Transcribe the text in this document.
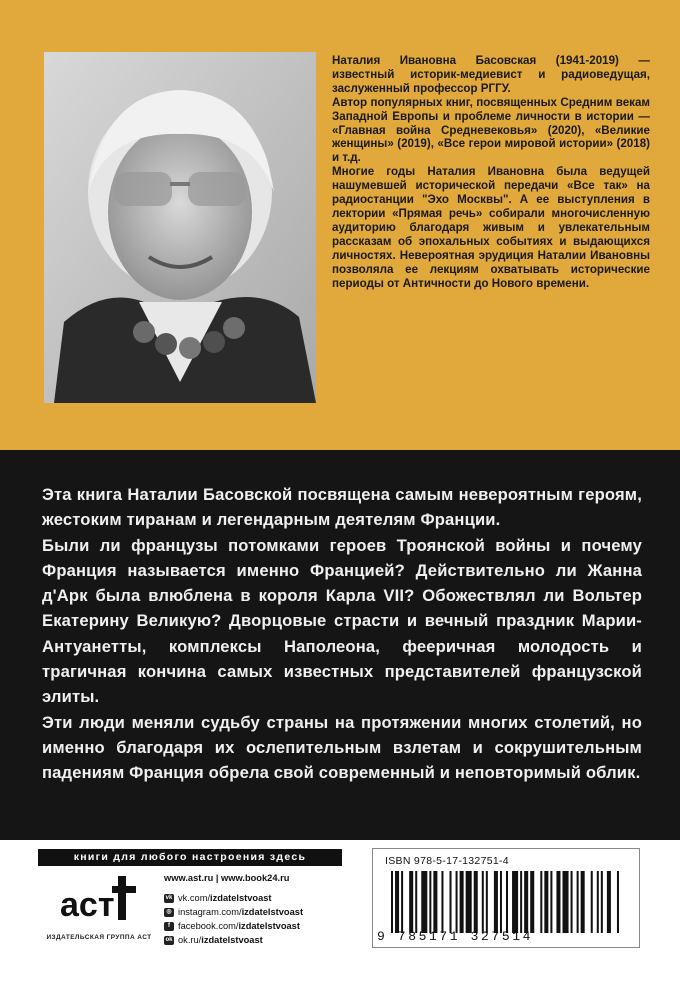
Наталия Ивановна Басовская (1941-2019) — известный историк-медиевист и радиоведущая, заслуженный профессор РГГУ.

Автор популярных книг, посвященных Средним векам Западной Европы и проблеме личности в истории — «Главная война Средневековья» (2020), «Великие женщины» (2019), «Все герои мировой истории» (2018) и т.д.

Многие годы Наталия Ивановна была ведущей нашумевшей исторической передачи «Все так» на радиостанции "Эхо Москвы". А ее выступления в лектории «Прямая речь» собирали многочисленную аудиторию благодаря живым и увлекательным рассказам об эпохальных событиях и выдающихся личностях. Невероятная эрудиция Наталии Ивановны позволяла ее лекциям охватывать исторические периоды от Античности до Нового времени.

Эта книга Наталии Басовской посвящена самым невероятным героям, жестоким тиранам и легендарным деятелям Франции.

Были ли французы потомками героев Троянской войны и почему Франция называется именно Францией? Действительно ли Жанна д'Арк была влюблена в короля Карла VII? Обожествлял ли Вольтер Екатерину Великую? Дворцовые страсти и вечный праздник Марии-Антуанетты, комплексы Наполеона, фееричная молодость и трагичная кончина самых известных представителей французской элиты.

Эти люди меняли судьбу страны на протяжении многих столетий, но именно благодаря их ослепительным взлетам и сокрушительным падениям Франция обрела свой современный и неповторимый облик.

книги для любого настроения здесь
аст
ИЗДАТЕЛЬСКАЯ ГРУППА АСТ
www.ast.ru | www.book24.ru
vk vk.com/ izdatelstvoast
◎ instagram.com/ izdatelstvoast
f facebook.com/ izdatelstvoast
ok ok.ru/ izdatelstvoast
ISBN 978-5-17-132751-4
9 785171 327514
